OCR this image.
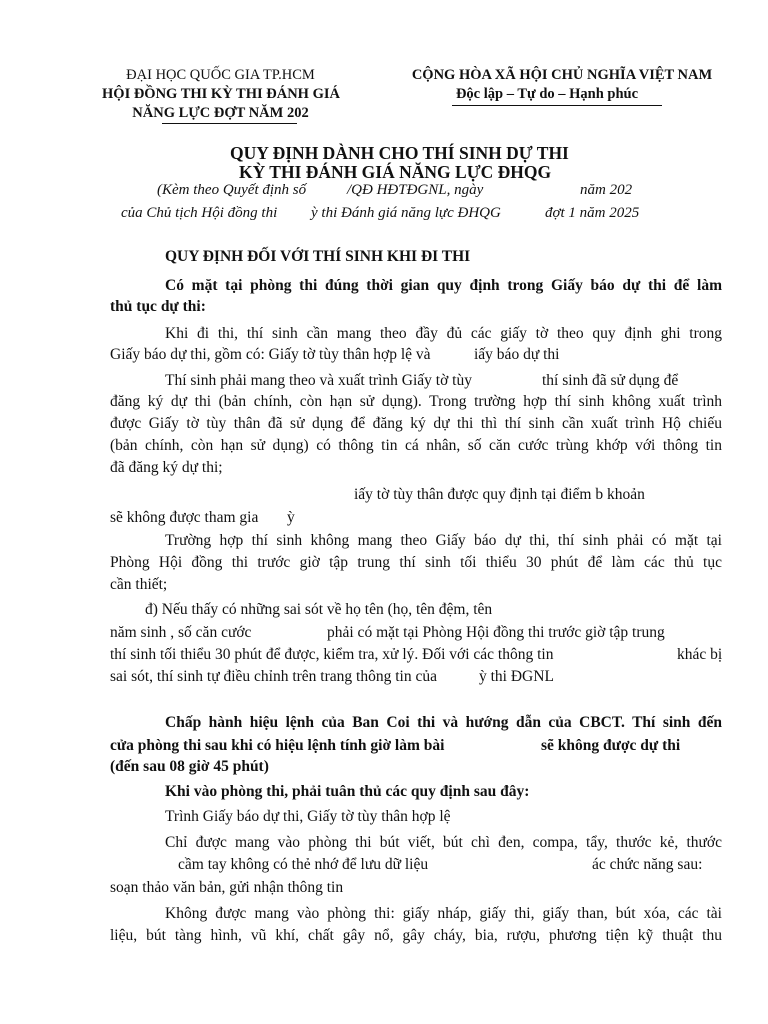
ĐẠI HỌC QUỐC GIA TP.HCM
HỘI ĐỒNG THI KỲ THI ĐÁNH GIÁ
NĂNG LỰC ĐỢT NĂM 202
CỘNG HÒA XÃ HỘI CHỦ NGHĨA VIỆT NAM
Độc lập – Tự do – Hạnh phúc
QUY ĐỊNH DÀNH CHO THÍ SINH DỰ THI
KỲ THI ĐÁNH GIÁ NĂNG LỰC ĐHQG
(Kèm theo Quyết định số	/QĐ HĐTĐGNL, ngày	năm 202
của Chủ tịch Hội đồng thi ỳ thi Đánh giá năng lực ĐHQG	đợt 1 năm 2025
QUY ĐỊNH ĐỐI VỚI THÍ SINH KHI ĐI THI
Có mặt tại phòng thi đúng thời gian quy định trong Giấy báo dự thi để làm
thủ tục dự thi:
Khi đi thi, thí sinh cần mang theo đầy đủ các giấy tờ theo quy định ghi trong
Giấy báo dự thi, gồm có: Giấy tờ tùy thân hợp lệ và	iấy báo dự thi
Thí sinh phải mang theo và xuất trình Giấy tờ tùy	thí sinh đã sử dụng để
đăng ký dự thi (bản chính, còn hạn sử dụng). Trong trường hợp thí sinh không xuất trình
được Giấy tờ tùy thân đã sử dụng để đăng ký dự thi thì thí sinh cần xuất trình Hộ chiếu
(bản chính, còn hạn sử dụng) có thông tin cá nhân, số căn cước trùng khớp với thông tin
đã đăng ký dự thi;
iấy tờ tùy thân được quy định tại điểm b khoản
sẽ không được tham gia ỳ
Trường hợp thí sinh không mang theo Giấy báo dự thi, thí sinh phải có mặt tại
Phòng Hội đồng thi trước giờ tập trung thí sinh tối thiểu 30 phút để làm các thủ tục
cần thiết;
đ) Nếu thấy có những sai sót về họ tên (họ, tên đệm, tên
năm sinh , số căn cước	phải có mặt tại Phòng Hội đồng thi trước giờ tập trung
thí sinh tối thiểu 30 phút để được, kiểm tra, xử lý. Đối với các thông tin	khác bị
sai sót, thí sinh tự điều chỉnh trên trang thông tin của	ỳ thi ĐGNL
Chấp hành hiệu lệnh của Ban Coi thi và hướng dẫn của CBCT. Thí sinh đến
cửa phòng thi sau khi có hiệu lệnh tính giờ làm bài	sẽ không được dự thi
(đến sau 08 giờ 45 phút)
Khi vào phòng thi, phải tuân thủ các quy định sau đây:
Trình Giấy báo dự thi, Giấy tờ tùy thân hợp lệ
Chỉ được mang vào phòng thi bút viết, bút chì đen, compa, tẩy, thước kẻ, thước
cầm tay không có thẻ nhớ để lưu dữ liệu	ác chức năng sau:
soạn thảo văn bản, gửi nhận thông tin
Không được mang vào phòng thi: giấy nháp, giấy thi, giấy than, bút xóa, các tài
liệu, bút tàng hình, vũ khí, chất gây nổ, gây cháy, bia, rượu, phương tiện kỹ thuật thu
